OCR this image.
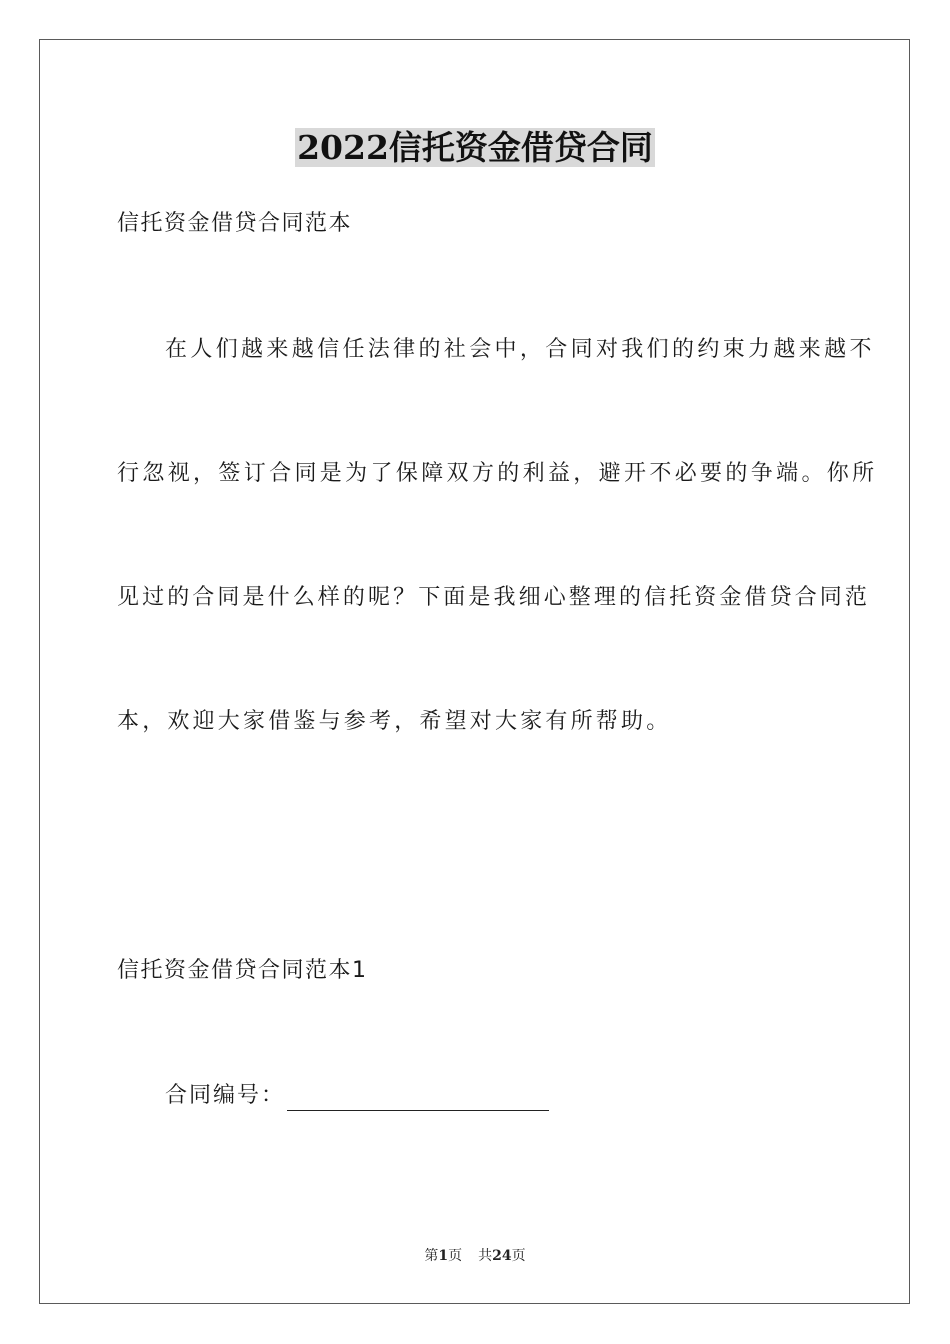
2022信托资金借贷合同
信托资金借贷合同范本
在人们越来越信任法律的社会中，合同对我们的约束力越来越不
行忽视，签订合同是为了保障双方的利益，避开不必要的争端。你所
见过的合同是什么样的呢？下面是我细心整理的信托资金借贷合同范
本，欢迎大家借鉴与参考，希望对大家有所帮助。
信托资金借贷合同范本1
合同编号：
第1页 共24页
